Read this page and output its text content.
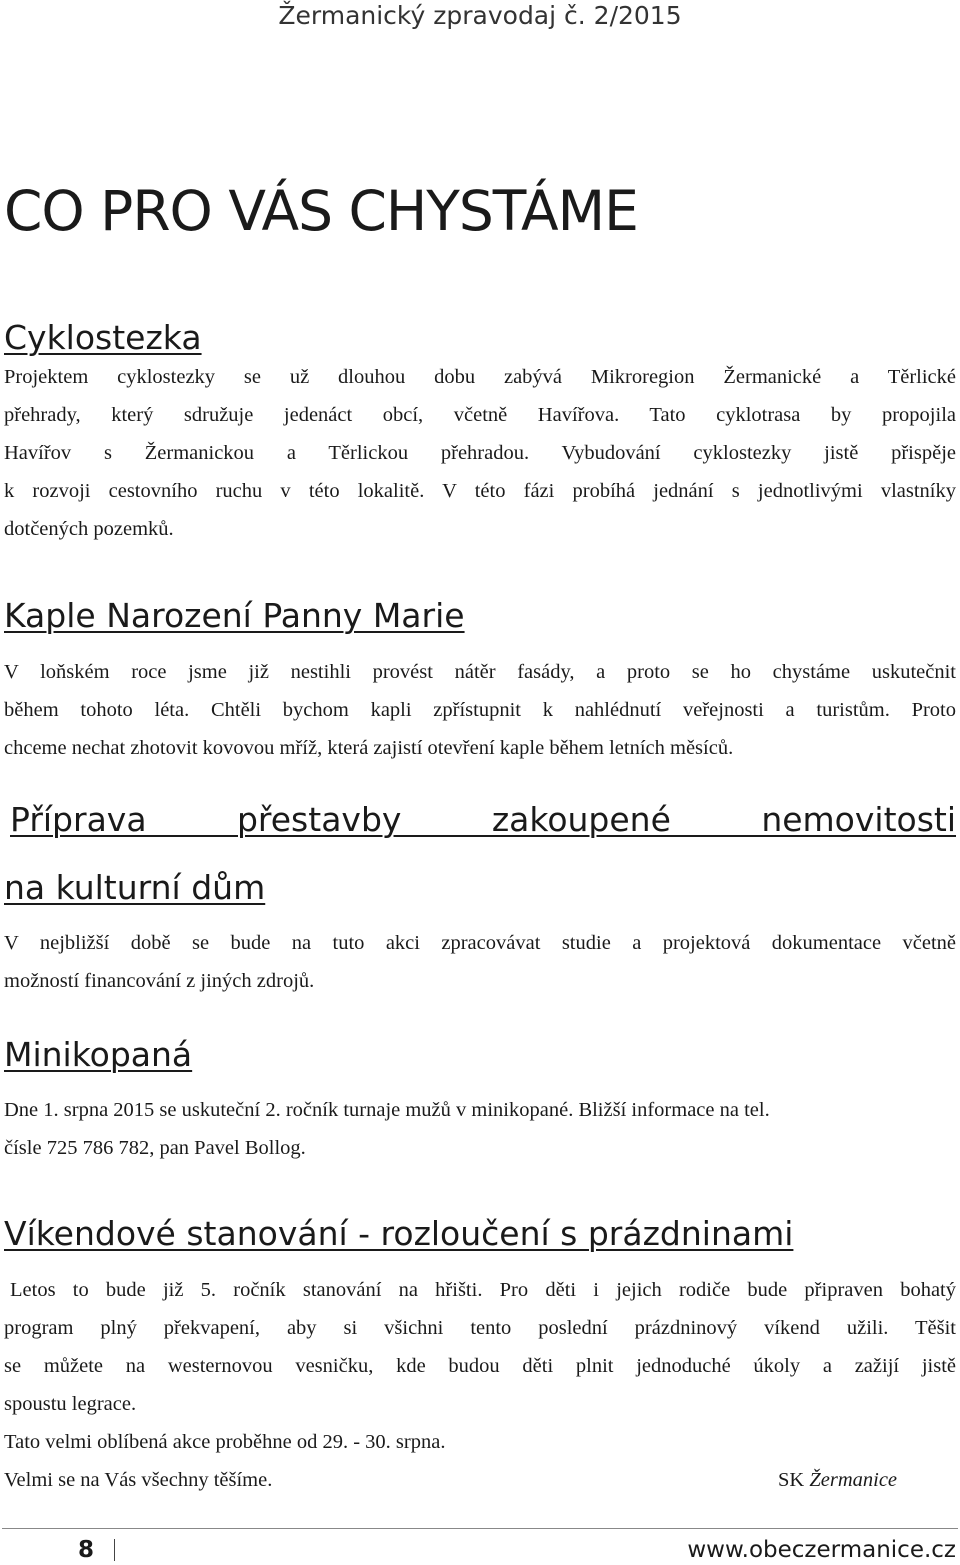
Žermanický zpravodaj č. 2/2015
CO PRO VÁS CHYSTÁME
Cyklostezka
Projektem cyklostezky se už dlouhou dobu zabývá Mikroregion Žermanické a Těrlické
přehrady, který sdružuje jedenáct obcí, včetně Havířova. Tato cyklotrasa by propojila
Havířov s Žermanickou a Těrlickou přehradou. Vybudování cyklostezky jistě přispěje
k rozvoji cestovního ruchu v této lokalitě. V této fázi probíhá jednání s jednotlivými vlastníky
dotčených pozemků.
Kaple Narození Panny Marie
V loňském roce jsme již nestihli provést nátěr fasády, a proto se ho chystáme uskutečnit
během tohoto léta. Chtěli bychom kapli zpřístupnit k nahlédnutí veřejnosti a turistům. Proto
chceme nechat zhotovit kovovou mříž, která zajistí otevření kaple během letních měsíců.
Příprava přestavby zakoupené nemovitosti
na kulturní dům
V nejbližší době se bude na tuto akci zpracovávat studie a projektová dokumentace včetně
možností financování z jiných zdrojů.
Minikopaná
Dne 1. srpna 2015 se uskuteční 2. ročník turnaje mužů v minikopané. Bližší informace na tel.
čísle 725 786 782, pan Pavel Bollog.
Víkendové stanování - rozloučení s prázdninami
Letos to bude již 5. ročník stanování na hřišti. Pro děti i jejich rodiče bude připraven bohatý
program plný překvapení, aby si všichni tento poslední prázdninový víkend užili. Těšit
se můžete na westernovou vesničku, kde budou děti plnit jednoduché úkoly a zažijí jistě
spoustu legrace.
Tato velmi oblíbená akce proběhne od 29. - 30. srpna.
Velmi se na Vás všechny těšíme.	SK Žermanice
8	www.obeczermanice.cz
